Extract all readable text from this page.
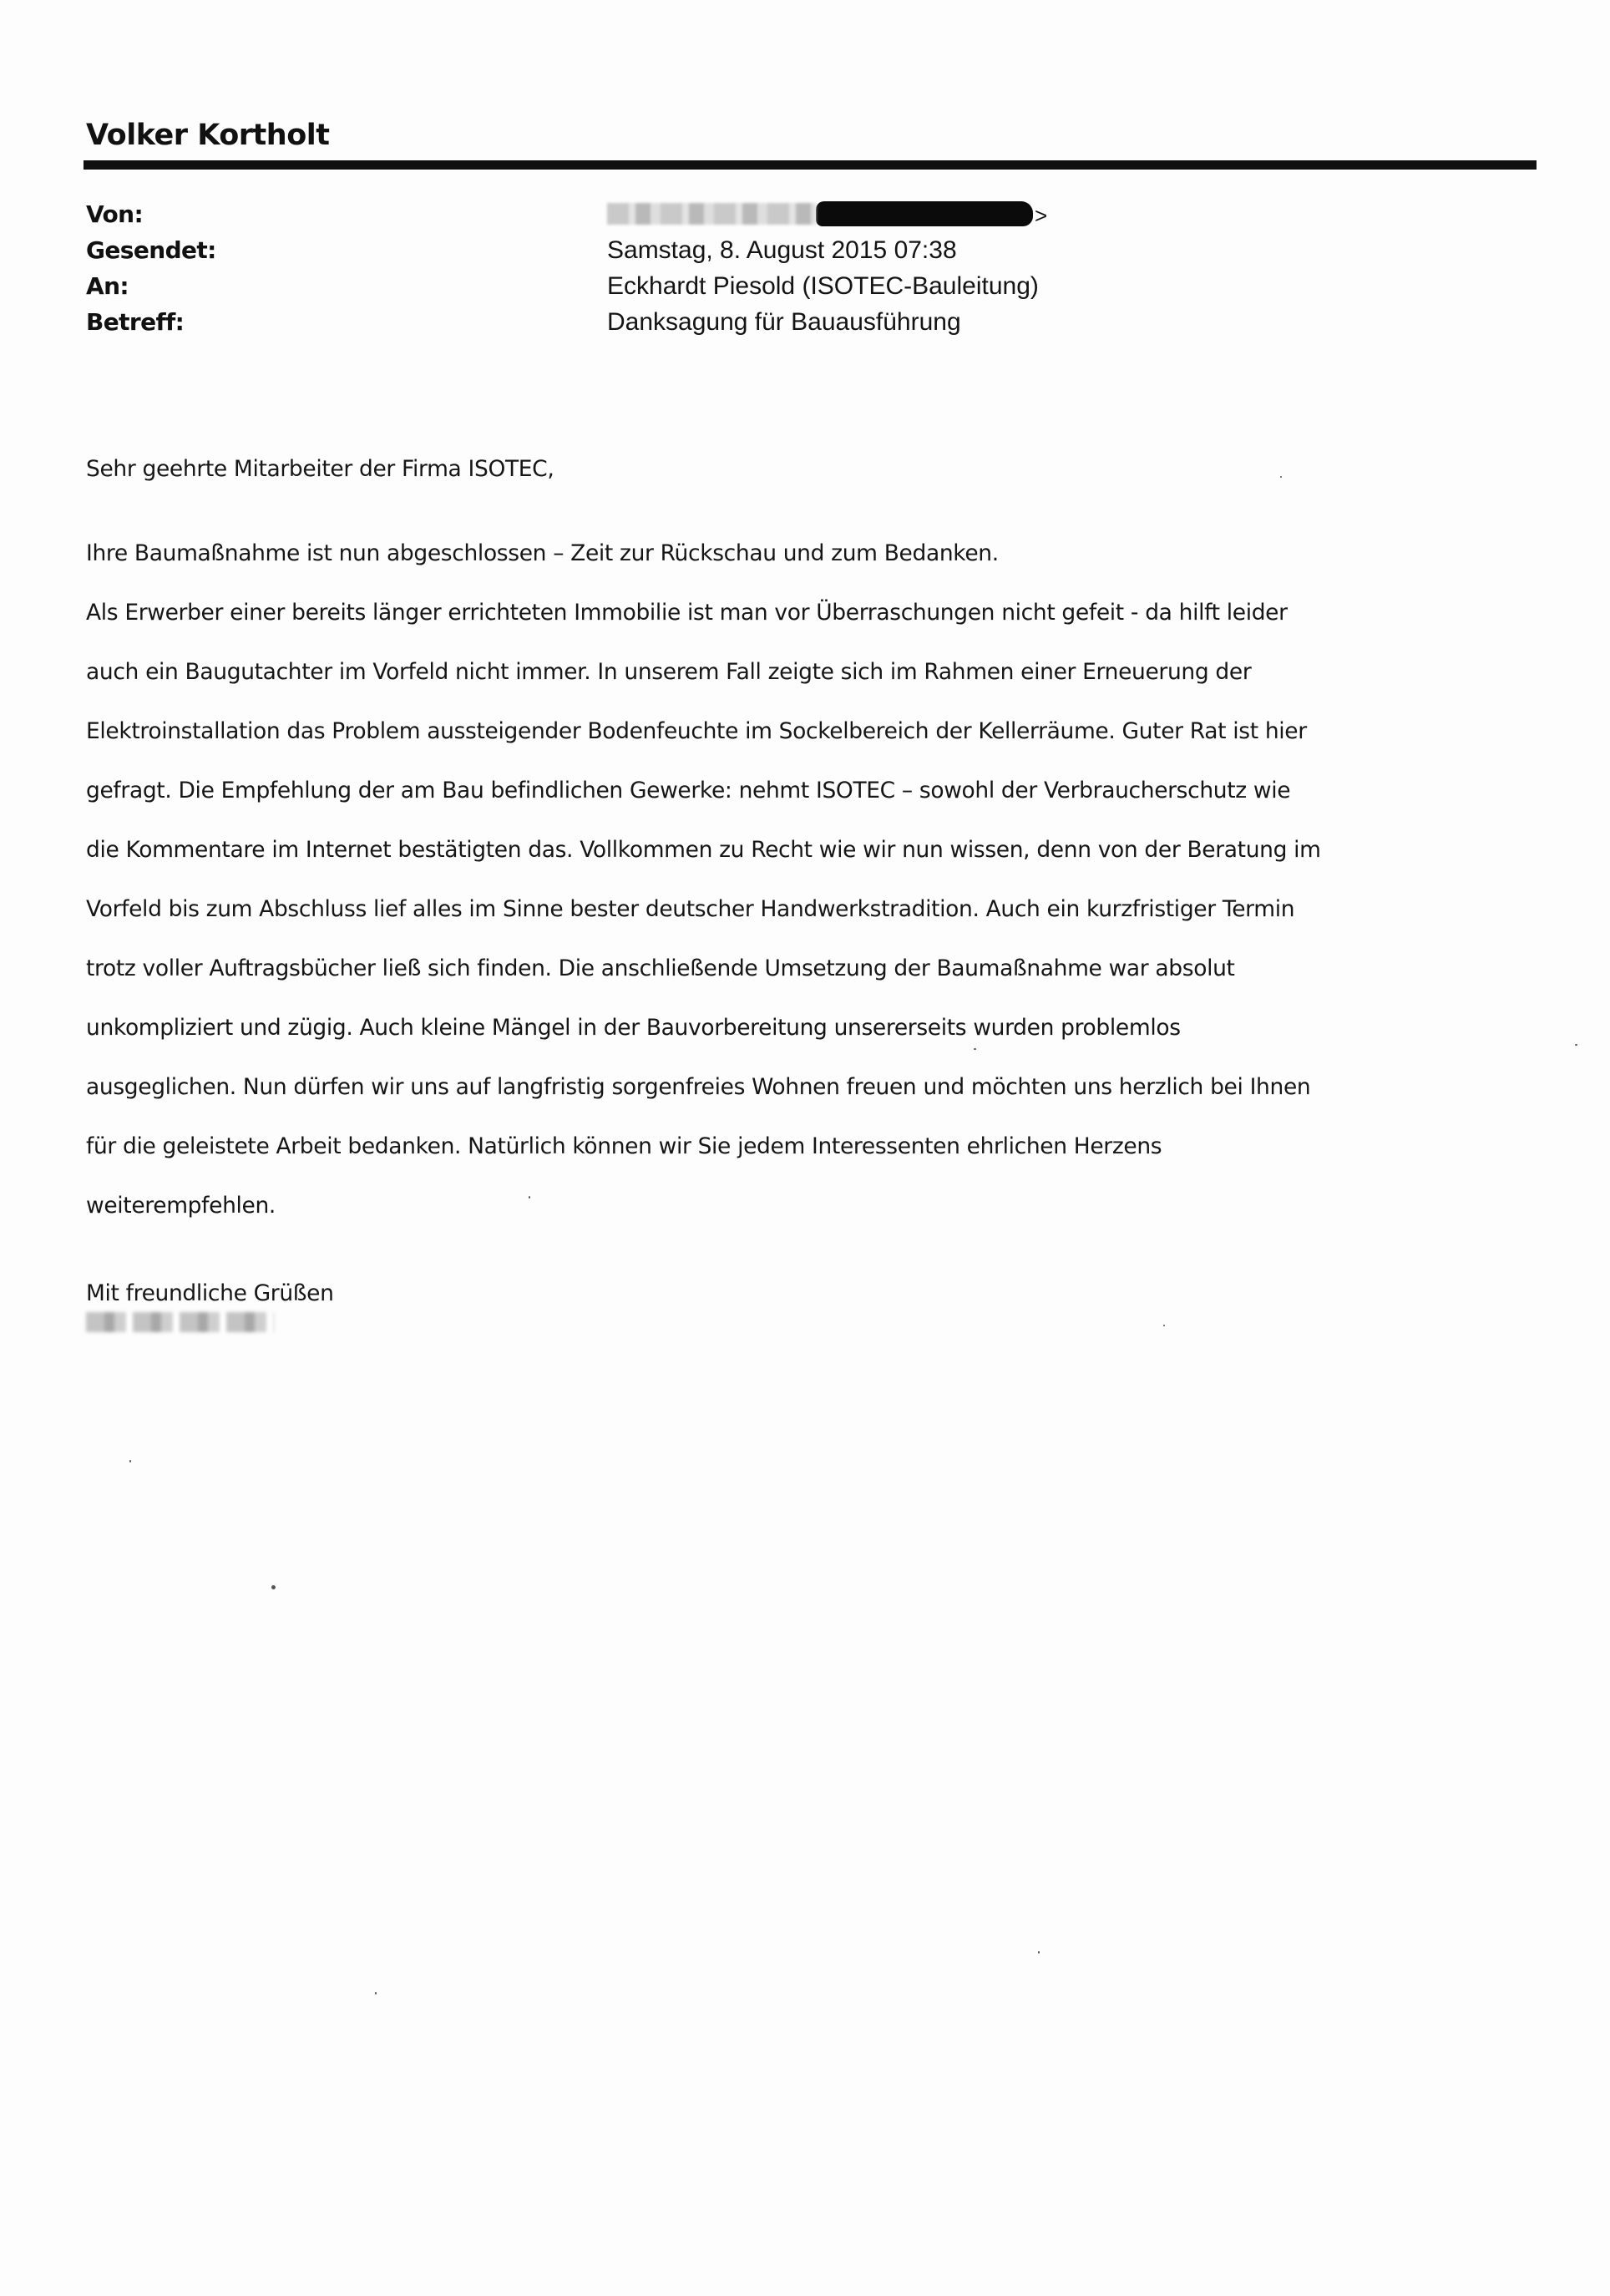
Volker Kortholt
Von:	>
Gesendet:	Samstag, 8. August 2015 07:38
An:	Eckhardt Piesold (ISOTEC-Bauleitung)
Betreff:	Danksagung für Bauausführung

Sehr geehrte Mitarbeiter der Firma ISOTEC,

Ihre Baumaßnahme ist nun abgeschlossen – Zeit zur Rückschau und zum Bedanken.

Als Erwerber einer bereits länger errichteten Immobilie ist man vor Überraschungen nicht gefeit - da hilft leider

auch ein Baugutachter im Vorfeld nicht immer. In unserem Fall zeigte sich im Rahmen einer Erneuerung der

Elektroinstallation das Problem aussteigender Bodenfeuchte im Sockelbereich der Kellerräume. Guter Rat ist hier

gefragt. Die Empfehlung der am Bau befindlichen Gewerke: nehmt ISOTEC – sowohl der Verbraucherschutz wie

die Kommentare im Internet bestätigten das. Vollkommen zu Recht wie wir nun wissen, denn von der Beratung im

Vorfeld bis zum Abschluss lief alles im Sinne bester deutscher Handwerkstradition. Auch ein kurzfristiger Termin

trotz voller Auftragsbücher ließ sich finden. Die anschließende Umsetzung der Baumaßnahme war absolut

unkompliziert und zügig. Auch kleine Mängel in der Bauvorbereitung unsererseits wurden problemlos

ausgeglichen. Nun dürfen wir uns auf langfristig sorgenfreies Wohnen freuen und möchten uns herzlich bei Ihnen

für die geleistete Arbeit bedanken. Natürlich können wir Sie jedem Interessenten ehrlichen Herzens

weiterempfehlen.

Mit freundliche Grüßen
